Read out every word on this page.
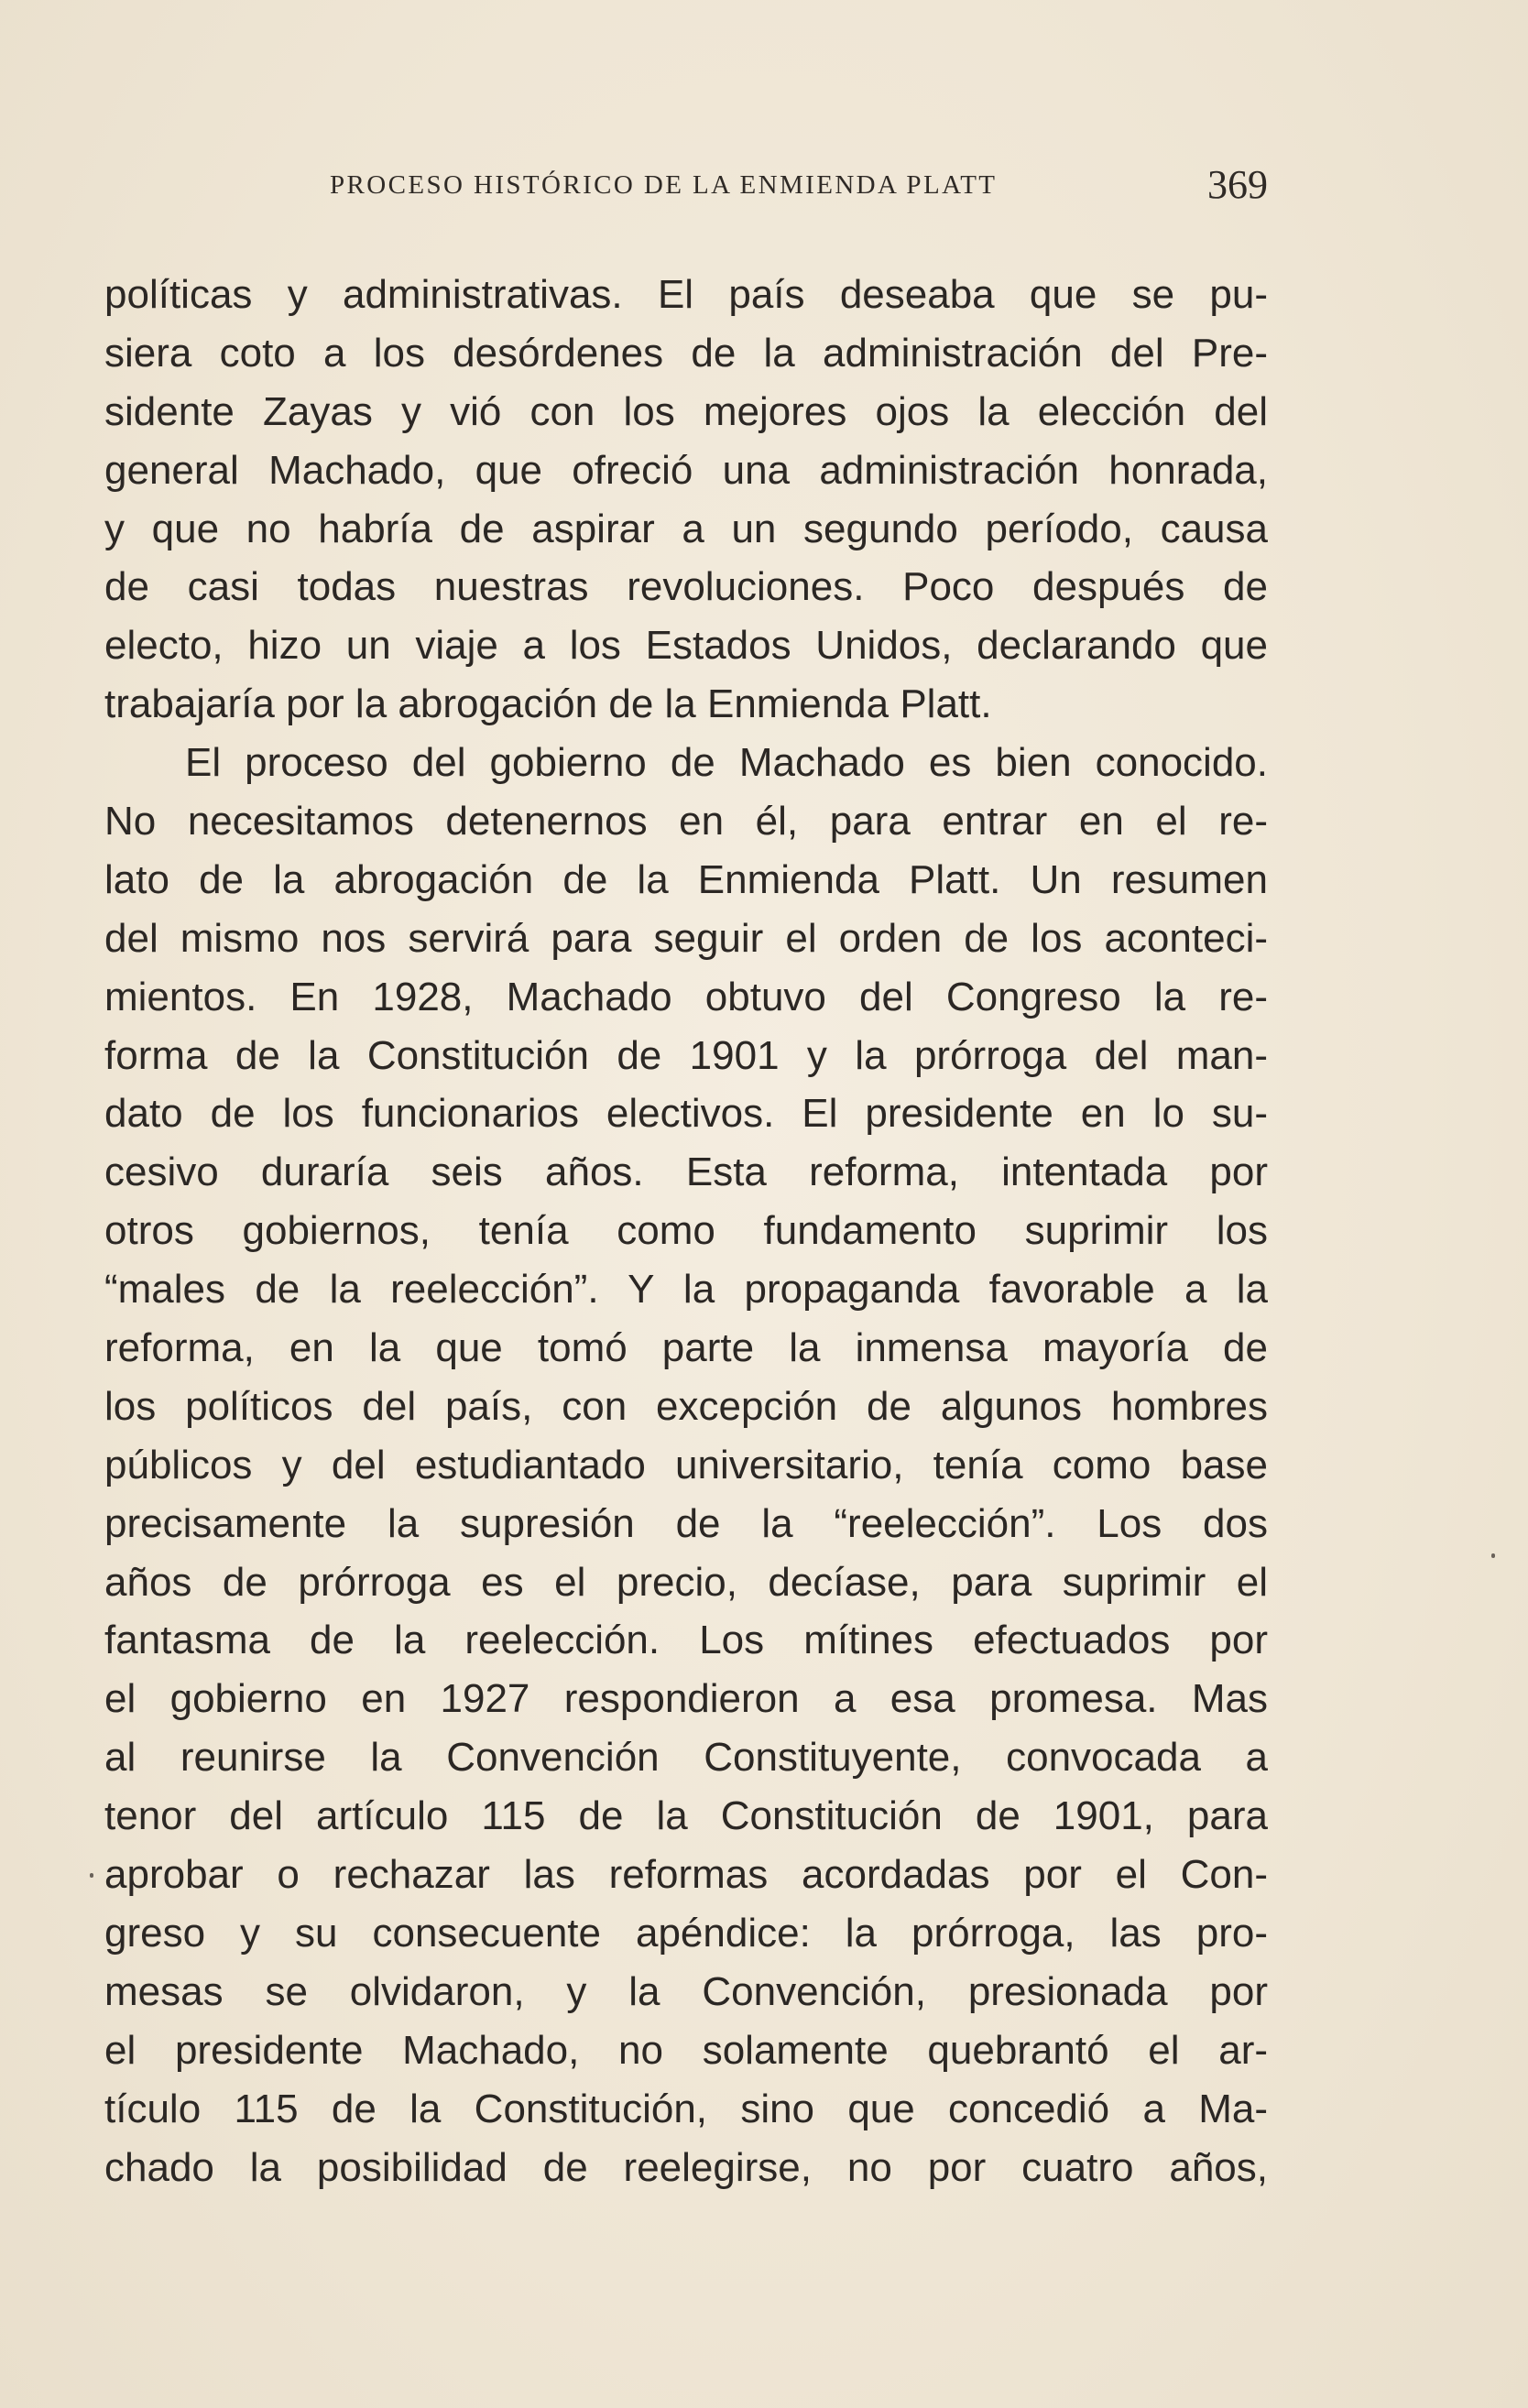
PROCESO HISTÓRICO DE LA ENMIENDA PLATT	369
políticas y administrativas. El país deseaba que se pu-
siera coto a los desórdenes de la administración del Pre-
sidente Zayas y vió con los mejores ojos la elección del
general Machado, que ofreció una administración honrada,
y que no habría de aspirar a un segundo período, causa
de casi todas nuestras revoluciones. Poco después de
electo, hizo un viaje a los Estados Unidos, declarando que
trabajaría por la abrogación de la Enmienda Platt.
El proceso del gobierno de Machado es bien conocido.
No necesitamos detenernos en él, para entrar en el re-
lato de la abrogación de la Enmienda Platt. Un resumen
del mismo nos servirá para seguir el orden de los aconteci-
mientos. En 1928, Machado obtuvo del Congreso la re-
forma de la Constitución de 1901 y la prórroga del man-
dato de los funcionarios electivos. El presidente en lo su-
cesivo duraría seis años. Esta reforma, intentada por
otros gobiernos, tenía como fundamento suprimir los
“males de la reelección”. Y la propaganda favorable a la
reforma, en la que tomó parte la inmensa mayoría de
los políticos del país, con excepción de algunos hombres
públicos y del estudiantado universitario, tenía como base
precisamente la supresión de la “reelección”. Los dos
años de prórroga es el precio, decíase, para suprimir el
fantasma de la reelección. Los mítines efectuados por
el gobierno en 1927 respondieron a esa promesa. Mas
al reunirse la Convención Constituyente, convocada a
tenor del artículo 115 de la Constitución de 1901, para
aprobar o rechazar las reformas acordadas por el Con-
greso y su consecuente apéndice: la prórroga, las pro-
mesas se olvidaron, y la Convención, presionada por
el presidente Machado, no solamente quebrantó el ar-
tículo 115 de la Constitución, sino que concedió a Ma-
chado la posibilidad de reelegirse, no por cuatro años,
